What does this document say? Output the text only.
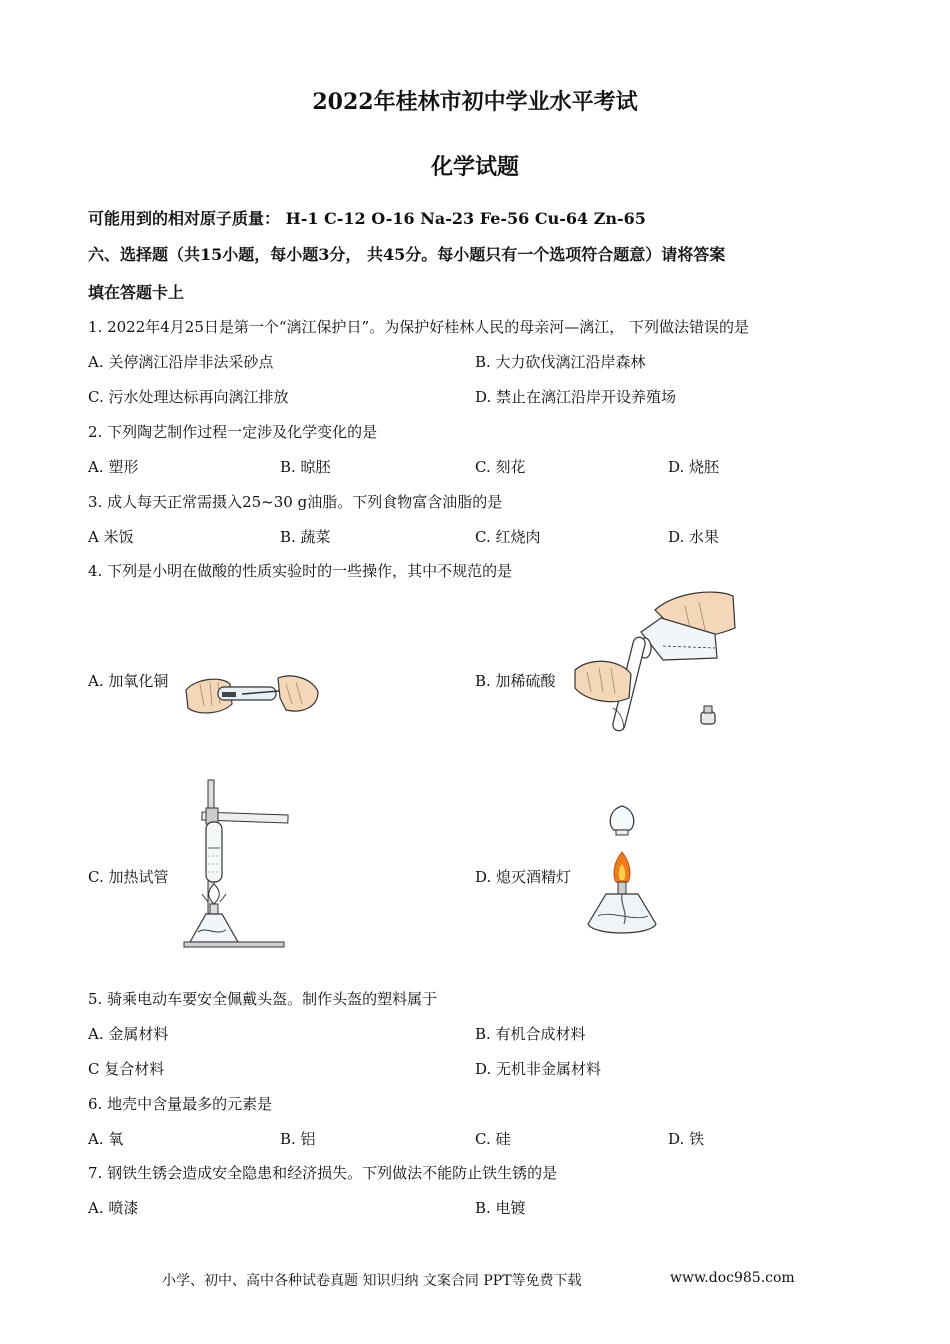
2022年桂林市初中学业水平考试
化学试题
可能用到的相对原子质量： H-1 C-12 O-16 Na-23 Fe-56 Cu-64 Zn-65
六、选择题（共15小题，每小题3分， 共45分。每小题只有一个选项符合题意）请将答案
填在答题卡上
1. 2022年4月25日是第一个“漓江保护日”。为保护好桂林人民的母亲河—漓江， 下列做法错误的是
A. 关停漓江沿岸非法采砂点	B. 大力砍伐漓江沿岸森林
C. 污水处理达标再向漓江排放	D. 禁止在漓江沿岸开设养殖场
2. 下列陶艺制作过程一定涉及化学变化的是
A. 塑形	B. 晾胚	C. 刻花	D. 烧胚
3. 成人每天正常需摄入25~30 g油脂。下列食物富含油脂的是
A 米饭	B. 蔬菜	C. 红烧肉	D. 水果
4. 下列是小明在做酸的性质实验时的一些操作，其中不规范的是
A. 加氧化铜	B. 加稀硫酸
C. 加热试管	D. 熄灭酒精灯
5. 骑乘电动车要安全佩戴头盔。制作头盔的塑料属于
A. 金属材料	B. 有机合成材料
C 复合材料	D. 无机非金属材料
6. 地壳中含量最多的元素是
A. 氧	B. 铝	C. 硅	D. 铁
7. 钢铁生锈会造成安全隐患和经济损失。下列做法不能防止铁生锈的是
A. 喷漆	B. 电镀
小学、初中、高中各种试卷真题 知识归纳 文案合同 PPT等免费下载	www.doc985.com
